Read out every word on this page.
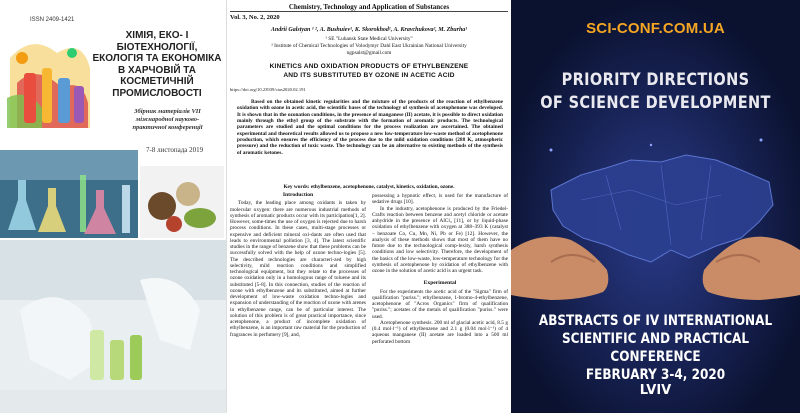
ISSN 2409-1421
ХІМІЯ, ЕКО- І БІОТЕХНОЛОГІЇ, ЕКОЛОГІЯ ТА ЕКОНОМІКА В ХАРЧОВІЙ ТА КОСМЕТИЧНІЙ ПРОМИСЛОВОСТІ
Збірник матеріалів VII міжнародної науково-практичної конференції
7-8 листопада 2019
Chemistry, Technology and Application of Substances
Vol. 3, No. 2, 2020
Andrii Galstyan ¹ ², A. Bushuiev¹, K. Skorokhod¹, A. Kravchukova², M. Zburha¹
¹ SE "Luhansk State Medical University"
² Institute of Chemical Technologies of Volodymyr Dahl East Ukrainian National University
ngpsalst@gmail.com
KINETICS AND OXIDATION PRODUCTS OF ETHYLBENZENE
AND ITS SUBSTITUTED BY OZONE IN ACETIC ACID
https://doi.org/10.23939/ctas2020.02.191
Based on the obtained kinetic regularities and the mixture of the products of the reaction of ethylbenzene oxidation with ozone in acetic acid, the scientific bases of the technology of synthesis of acetophenone was developed. It is shown that in the ozonation conditions, in the presence of manganese (II) acetate, it is possible to direct oxidation mainly through the ethyl group of the substrate with the formation of aromatic products. The technological parameters are studied and the optimal conditions for the process realization are ascertained. The obtained experimental and theoretical results allowed us to propose a new low-temperature low-waste method of acetophenone production, which ensures the efficiency of the process due to the mild oxidation conditions (288 K, atmospheric pressure) and the reduction of toxic waste. The technology can be an alternative to existing methods of the synthesis of aromatic ketones.
Key words: ethylbenzene, acetophenone, catalyst, kinetics, oxidation, ozone.
Introduction

Today, the leading place among oxidants is taken by molecular oxygen: there are numerous industrial methods of synthesis of aromatic products occur with its participation[1, 2]. However, some-times the use of oxygen is rejected due to harsh process conditions. In these cases, multi-stage processes or expensive and deficient mineral oxi-dants are often used that leads to environmental pollution [3, 4]. The latest scientific studies in the range of benzene show that these problems can be successfully solved with the help of ozone techno-logies [5]. The described technologies are characteri-zed by high selectivity, mild reaction conditions and simplified technological equipment, but they relate to the processes of ozone oxidation only in a homologous range of toluene and its substituted [5-8]. In this connection, studies of the reaction of ozone with ethylbenzene and its substituted, aimed at further development of low-waste oxidation techno-logies and expansion of understanding of the reaction of ozone with arenes in ethylbenzene range, can be of particular interest. The solution of this problem is of great practical importance, since acetophenone, a product of incomplete oxidation of ethylbenzene, is an important raw material for the production of fragrances in perfumery [9], and,

possessing a hypnotic effect, is used for the manufacture of sedative drugs [10].

In the industry, acetophenone is produced by the Friedel-Crafts reaction between benzene and acetyl chloride or acetate anhydride in the presence of AlCl₃ [11], or by liquid-phase oxidation of ethylbenzene with oxygen at 388–393 K (catalyst – benzoate Co, Cu, Mn, Ni, Pb or Fe) [12]. However, the analysis of these methods shows that most of them have no future due to the technological comp-lexity, harsh synthesis conditions and low selectivity. Therefore, the development of the basics of the low-waste, low-temperature technology for the synthesis of acetophenone by oxidation of ethylbenzene with ozone in the solution of acetic acid is an urgent task.

Experimental

For the experiments the acetic acid of the "Sigma" firm of qualification "puriss."; ethylbenzene, 1-bromo-4-ethylbenzene, acetophenone of "Acros Organics" firm of qualification "puriss."; acetates of the metals of qualification "puriss." were used.

Acetophenone synthesis. 200 ml of glacial acetic acid, 8.5 g (0.4 mol·l⁻¹) of ethylbenzene and 2.1 g (0.04 mol·l⁻¹) of 4 aqueous manganese (II) acetate are loaded into a 500 ml perforated bottom

SCI-CONF.COM.UA
PRIORITY DIRECTIONS
OF SCIENCE DEVELOPMENT
ABSTRACTS OF IV INTERNATIONAL
SCIENTIFIC AND PRACTICAL CONFERENCE
FEBRUARY 3-4, 2020
LVIV
